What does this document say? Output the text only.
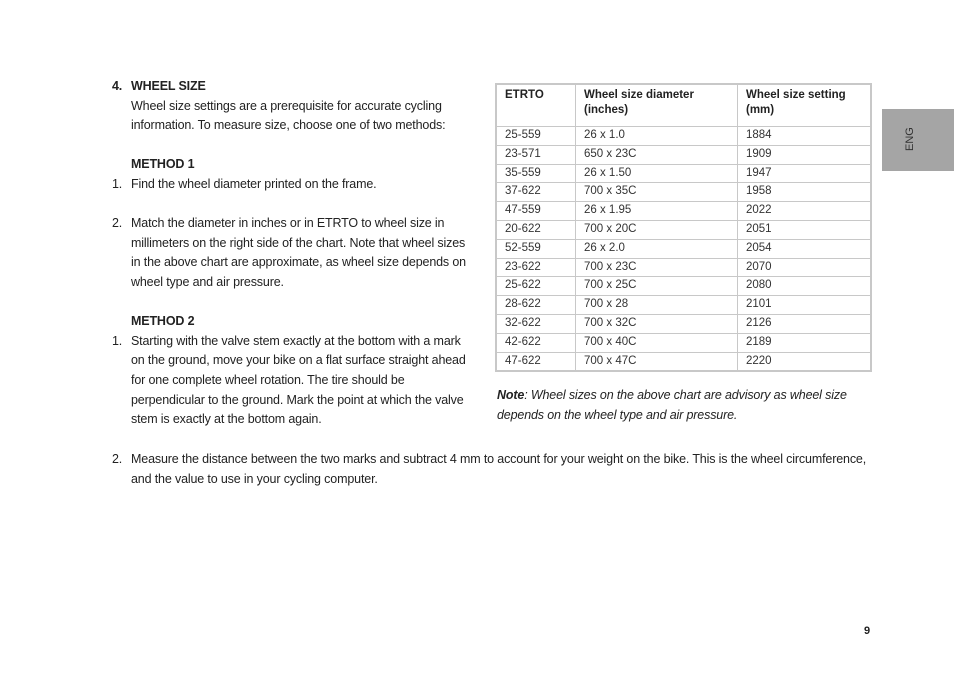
4. WHEEL SIZE
Wheel size settings are a prerequisite for accurate cycling information. To measure size, choose one of two methods:
METHOD 1
1. Find the wheel diameter printed on the frame.
2. Match the diameter in inches or in ETRTO to wheel size in millimeters on the right side of the chart. Note that wheel sizes in the above chart are approximate, as wheel size depends on wheel type and air pressure.
METHOD 2
1. Starting with the valve stem exactly at the bottom with a mark on the ground, move your bike on a flat surface straight ahead for one complete wheel rotation. The tire should be perpendicular to the ground. Mark the point at which the valve stem is exactly at the bottom again.
ETRTO	Wheel size diameter (inches)	Wheel size setting (mm)
25-559	26 x 1.0	1884
23-571	650 x 23C	1909
35-559	26 x 1.50	1947
37-622	700 x 35C	1958
47-559	26 x 1.95	2022
20-622	700 x 20C	2051
52-559	26 x 2.0	2054
23-622	700 x 23C	2070
25-622	700 x 25C	2080
28-622	700 x 28	2101
32-622	700 x 32C	2126
42-622	700 x 40C	2189
47-622	700 x 47C	2220
Note: Wheel sizes on the above chart are advisory as wheel size depends on the wheel type and air pressure.
2. Measure the distance between the two marks and subtract 4 mm to account for your weight on the bike. This is the wheel circumference, and the value to use in your cycling computer.
ENG
9
